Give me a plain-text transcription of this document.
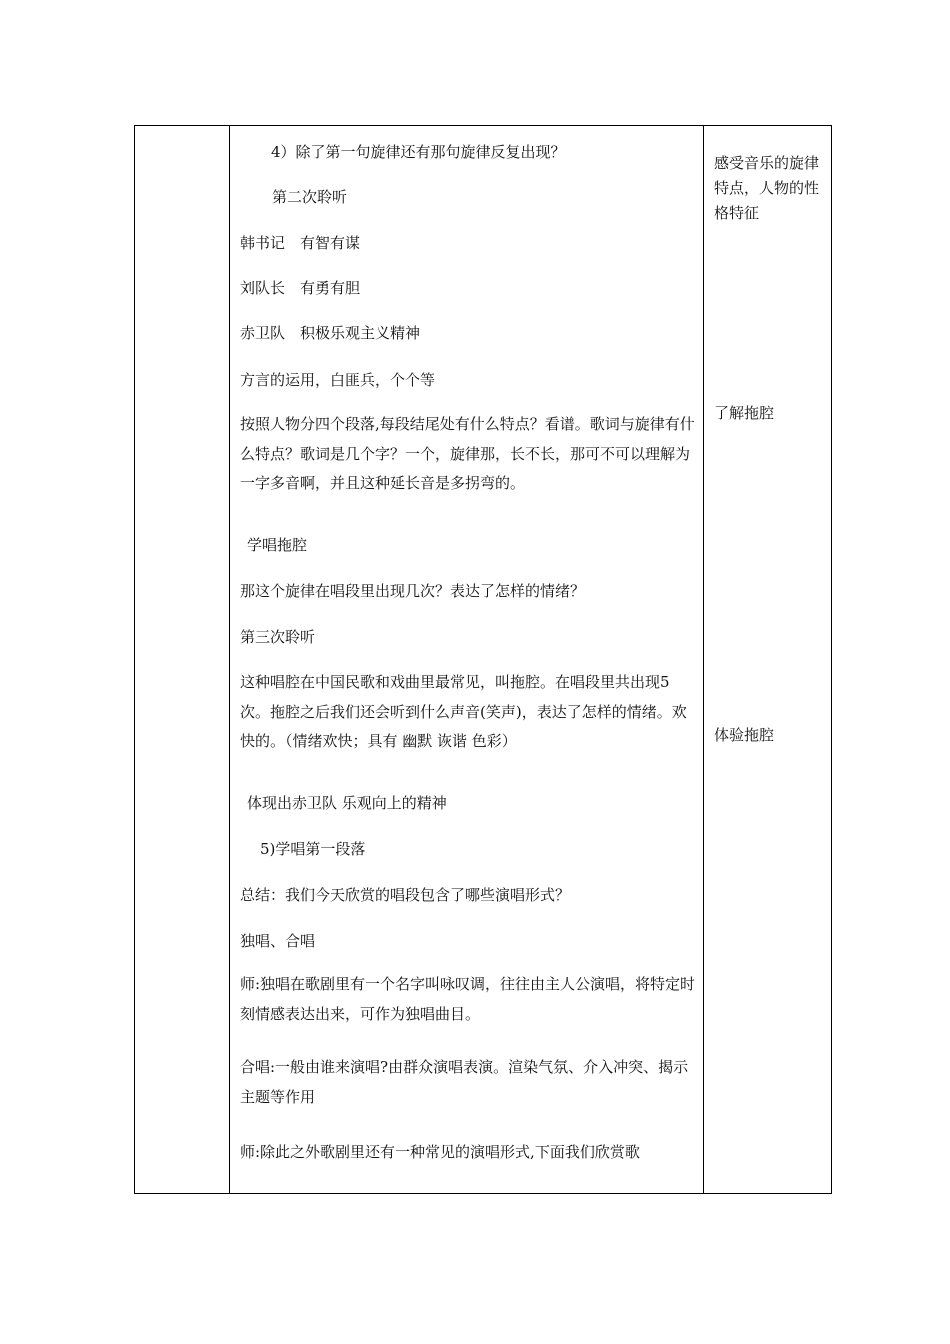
4）除了第一句旋律还有那句旋律反复出现？
第二次聆听
韩书记　有智有谋
刘队长　有勇有胆
赤卫队　积极乐观主义精神
方言的运用，白匪兵，个个等
按照人物分四个段落,每段结尾处有什么特点？看谱。歌词与旋律有什么特点？歌词是几个字？一个，旋律那，长不长，那可不可以理解为一字多音啊，并且这种延长音是多拐弯的。
学唱拖腔
那这个旋律在唱段里出现几次？表达了怎样的情绪？
第三次聆听
这种唱腔在中国民歌和戏曲里最常见，叫拖腔。在唱段里共出现5次。拖腔之后我们还会听到什么声音(笑声)，表达了怎样的情绪。欢快的。（情绪欢快；具有 幽默 诙谐 色彩）
体现出赤卫队 乐观向上的精神
5)学唱第一段落
总结：我们今天欣赏的唱段包含了哪些演唱形式？
独唱、合唱
师:独唱在歌剧里有一个名字叫咏叹调，往往由主人公演唱，将特定时刻情感表达出来，可作为独唱曲目。
合唱:一般由谁来演唱?由群众演唱表演。渲染气氛、介入冲突、揭示主题等作用
师:除此之外歌剧里还有一种常见的演唱形式,下面我们欣赏歌
感受音乐的旋律特点，人物的性格特征
了解拖腔
体验拖腔
